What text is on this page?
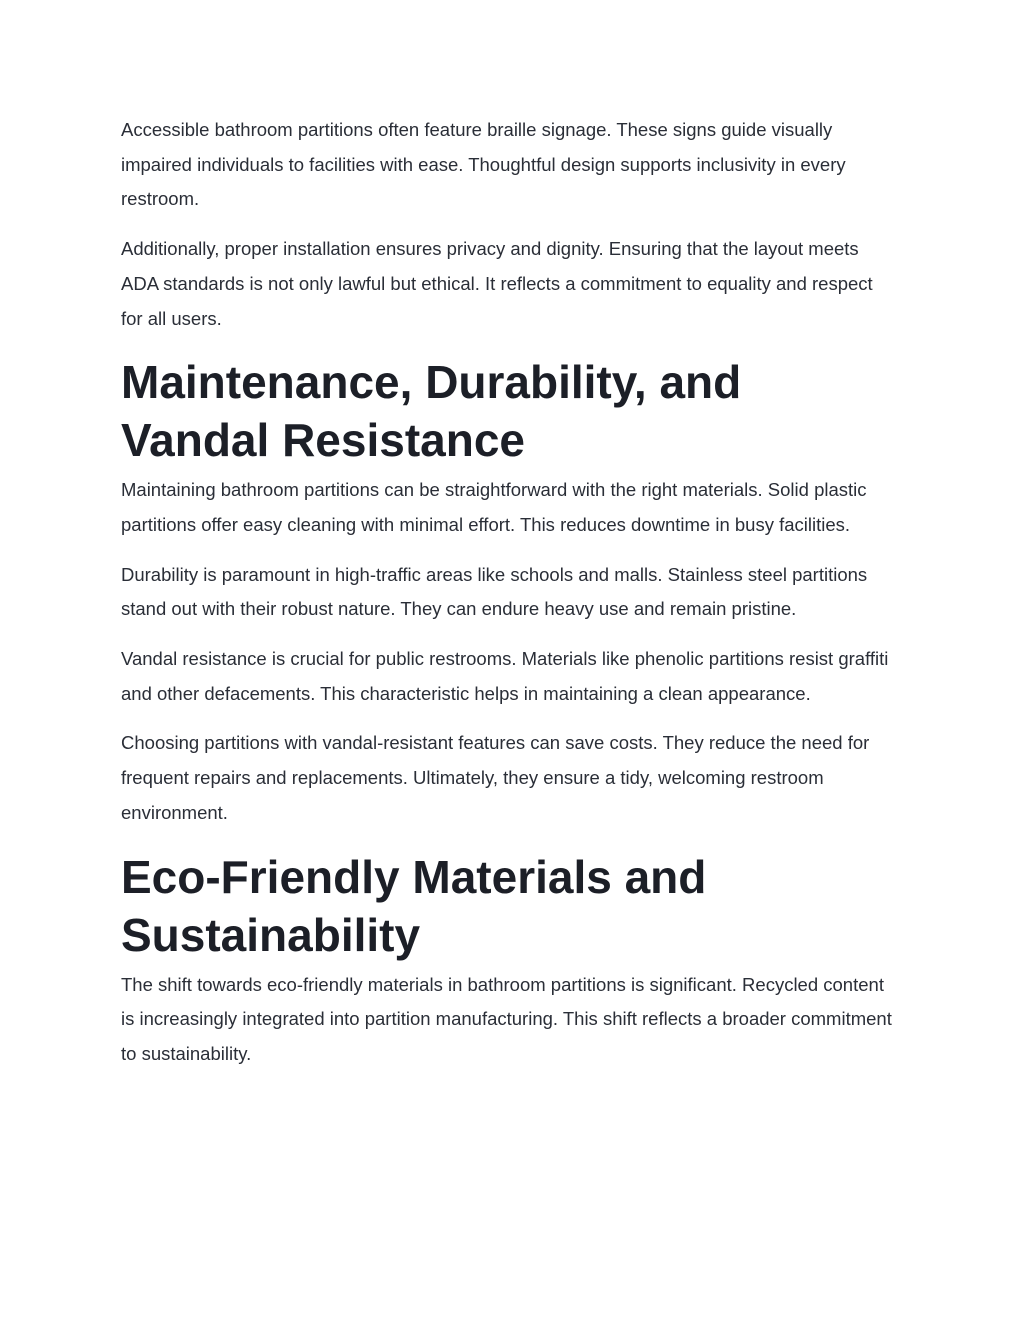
Accessible bathroom partitions often feature braille signage. These signs guide visually impaired individuals to facilities with ease. Thoughtful design supports inclusivity in every restroom.

Additionally, proper installation ensures privacy and dignity. Ensuring that the layout meets ADA standards is not only lawful but ethical. It reflects a commitment to equality and respect for all users.

Maintenance, Durability, and Vandal Resistance

Maintaining bathroom partitions can be straightforward with the right materials. Solid plastic partitions offer easy cleaning with minimal effort. This reduces downtime in busy facilities.

Durability is paramount in high-traffic areas like schools and malls. Stainless steel partitions stand out with their robust nature. They can endure heavy use and remain pristine.

Vandal resistance is crucial for public restrooms. Materials like phenolic partitions resist graffiti and other defacements. This characteristic helps in maintaining a clean appearance.

Choosing partitions with vandal-resistant features can save costs. They reduce the need for frequent repairs and replacements. Ultimately, they ensure a tidy, welcoming restroom environment.

Eco-Friendly Materials and Sustainability

The shift towards eco-friendly materials in bathroom partitions is significant. Recycled content is increasingly integrated into partition manufacturing. This shift reflects a broader commitment to sustainability.
